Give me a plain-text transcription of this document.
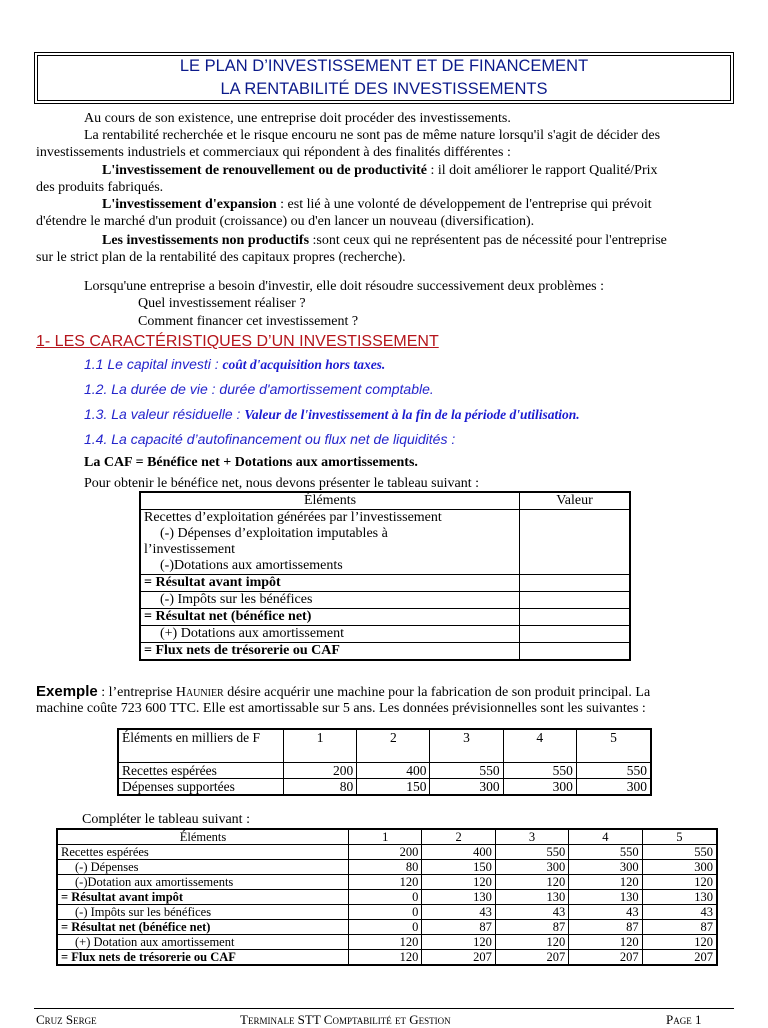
LE PLAN D’INVESTISSEMENT ET DE FINANCEMENT
LA RENTABILITÉ DES INVESTISSEMENTS
Au cours de son existence, une entreprise doit procéder des investissements.
La rentabilité recherchée et le risque encouru ne sont pas de même nature lorsqu'il s'agit de décider des
investissements industriels et commerciaux qui répondent à des finalités différentes :
L'investissement de renouvellement ou de productivité : il doit améliorer le rapport Qualité/Prix
des produits fabriqués.
L'investissement d'expansion : est lié à une volonté de développement de l'entreprise qui prévoit
d'étendre le marché d'un produit (croissance) ou d'en lancer un nouveau (diversification).
Les investissements non productifs :sont ceux qui ne représentent pas de nécessité pour l'entreprise
sur le strict plan de la rentabilité des capitaux propres (recherche).
Lorsqu'une entreprise a besoin d'investir, elle doit résoudre successivement deux problèmes :
Quel investissement réaliser ?
Comment financer cet investissement ?
1- LES CARACTÉRISTIQUES D’UN INVESTISSEMENT
1.1 Le capital investi : coût d'acquisition hors taxes.
1.2. La durée de vie : durée d'amortissement comptable.
1.3. La valeur résiduelle : Valeur de l'investissement à la fin de la période d'utilisation.
1.4. La capacité d’autofinancement ou flux net de liquidités :
La CAF = Bénéfice net + Dotations aux amortissements.
Pour obtenir le bénéfice net, nous devons présenter le tableau suivant :
Éléments	Valeur

Recettes d’exploitation générées par l’investissement
(-) Dépenses d’exploitation imputables à
l’investissement
(-)Dotations aux amortissements	

= Résultat avant impôt	
(-) Impôts sur les bénéfices	
= Résultat net (bénéfice net)	
(+) Dotations aux amortissement	
= Flux nets de trésorerie ou CAF	
Exemple : l’entreprise Haunier désire acquérir une machine pour la fabrication de son produit principal. La
machine coûte 723 600 TTC. Elle est amortissable sur 5 ans. Les données prévisionnelles sont les suivantes :
Éléments en milliers de F	1	2	3	4	5
Recettes espérées	200	400	550	550	550
Dépenses supportées	80	150	300	300	300
Compléter le tableau suivant :
Éléments	1	2	3	4	5
Recettes espérées	200	400	550	550	550
(-) Dépenses	80	150	300	300	300
(-)Dotation aux amortissements	120	120	120	120	120
= Résultat avant impôt	0	130	130	130	130
(-) Impôts sur les bénéfices	0	43	43	43	43
= Résultat net (bénéfice net)	0	87	87	87	87
(+) Dotation aux amortissement	120	120	120	120	120
= Flux nets de trésorerie ou CAF	120	207	207	207	207
Cruz Serge	Terminale STT Comptabilité et Gestion	Page 1
